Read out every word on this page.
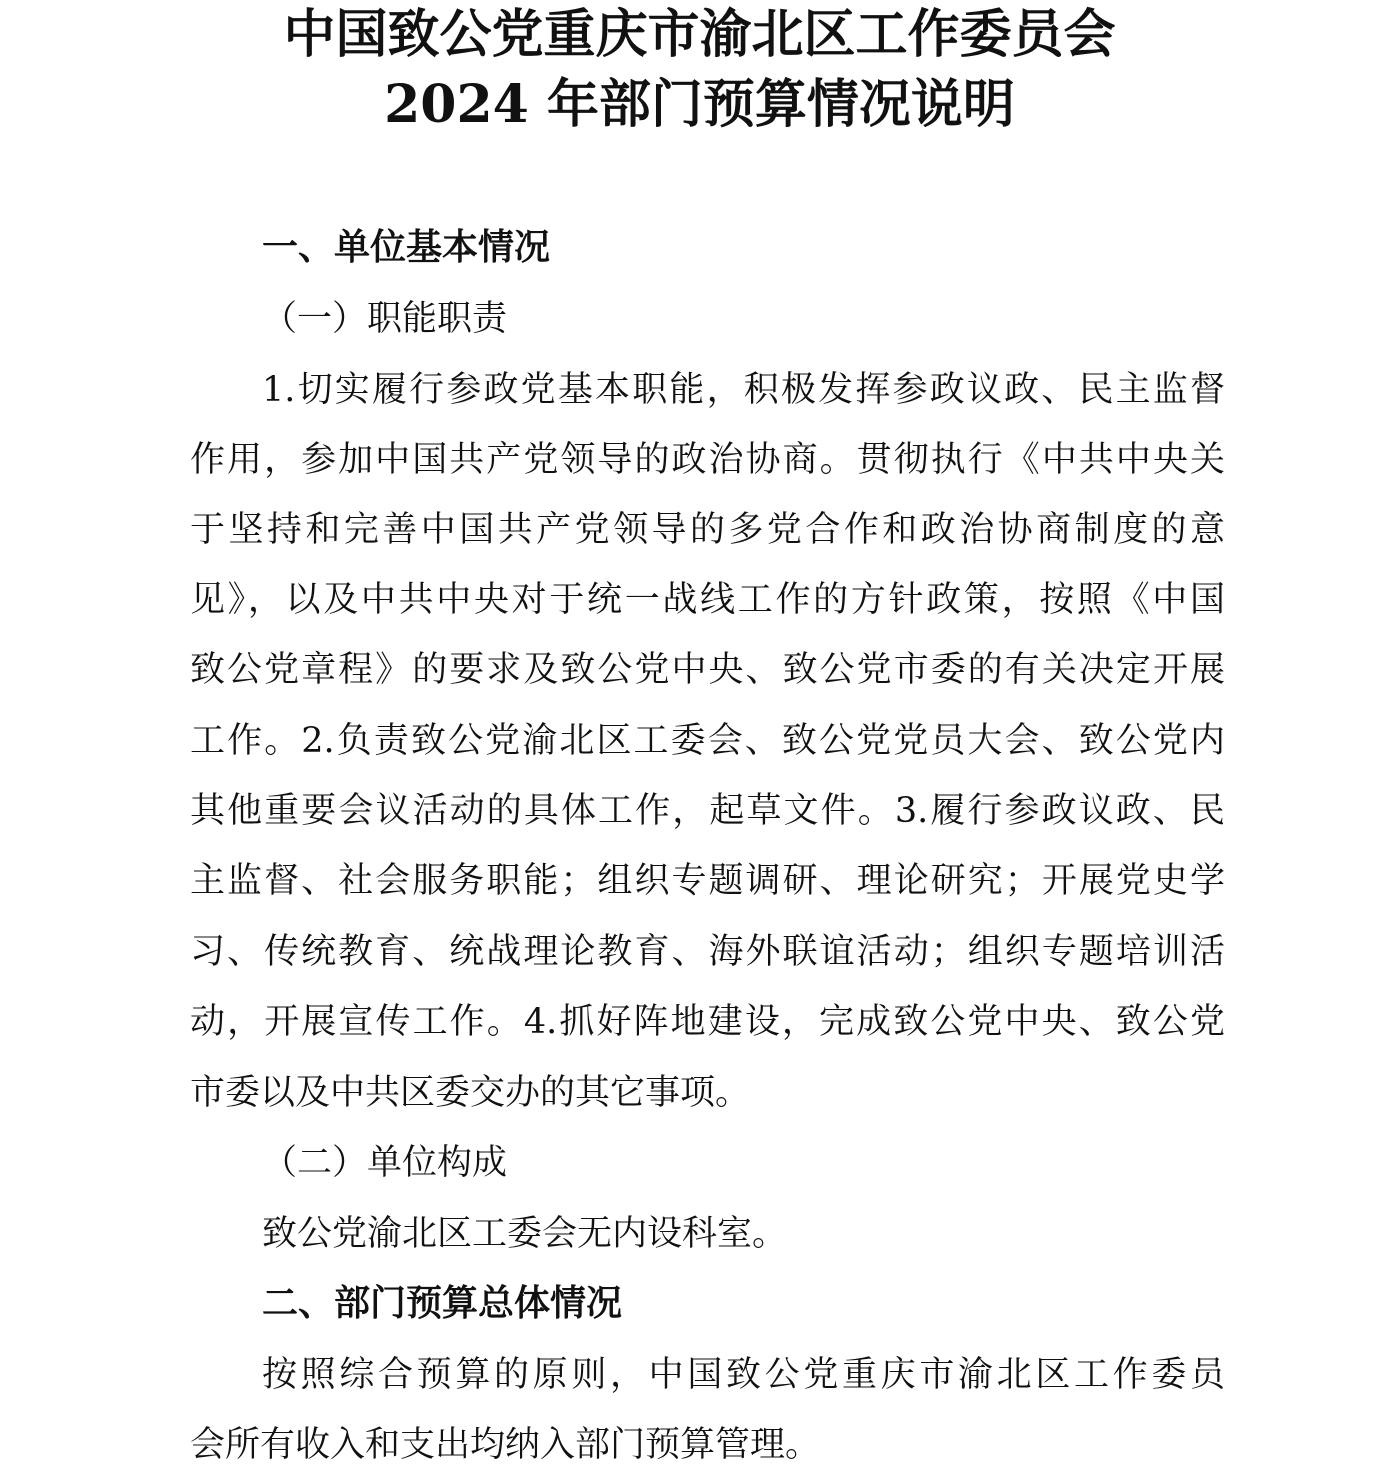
中国致公党重庆市渝北区工作委员会
2024 年部门预算情况说明
一、单位基本情况
（一）职能职责
1.切实履行参政党基本职能，积极发挥参政议政、民主监督
作用，参加中国共产党领导的政治协商。贯彻执行《中共中央关
于坚持和完善中国共产党领导的多党合作和政治协商制度的意
见》，以及中共中央对于统一战线工作的方针政策，按照《中国
致公党章程》的要求及致公党中央、致公党市委的有关决定开展
工作。2.负责致公党渝北区工委会、致公党党员大会、致公党内
其他重要会议活动的具体工作，起草文件。3.履行参政议政、民
主监督、社会服务职能；组织专题调研、理论研究；开展党史学
习、传统教育、统战理论教育、海外联谊活动；组织专题培训活
动，开展宣传工作。4.抓好阵地建设，完成致公党中央、致公党
市委以及中共区委交办的其它事项。
（二）单位构成
致公党渝北区工委会无内设科室。
二、部门预算总体情况
按照综合预算的原则，中国致公党重庆市渝北区工作委员
会所有收入和支出均纳入部门预算管理。
